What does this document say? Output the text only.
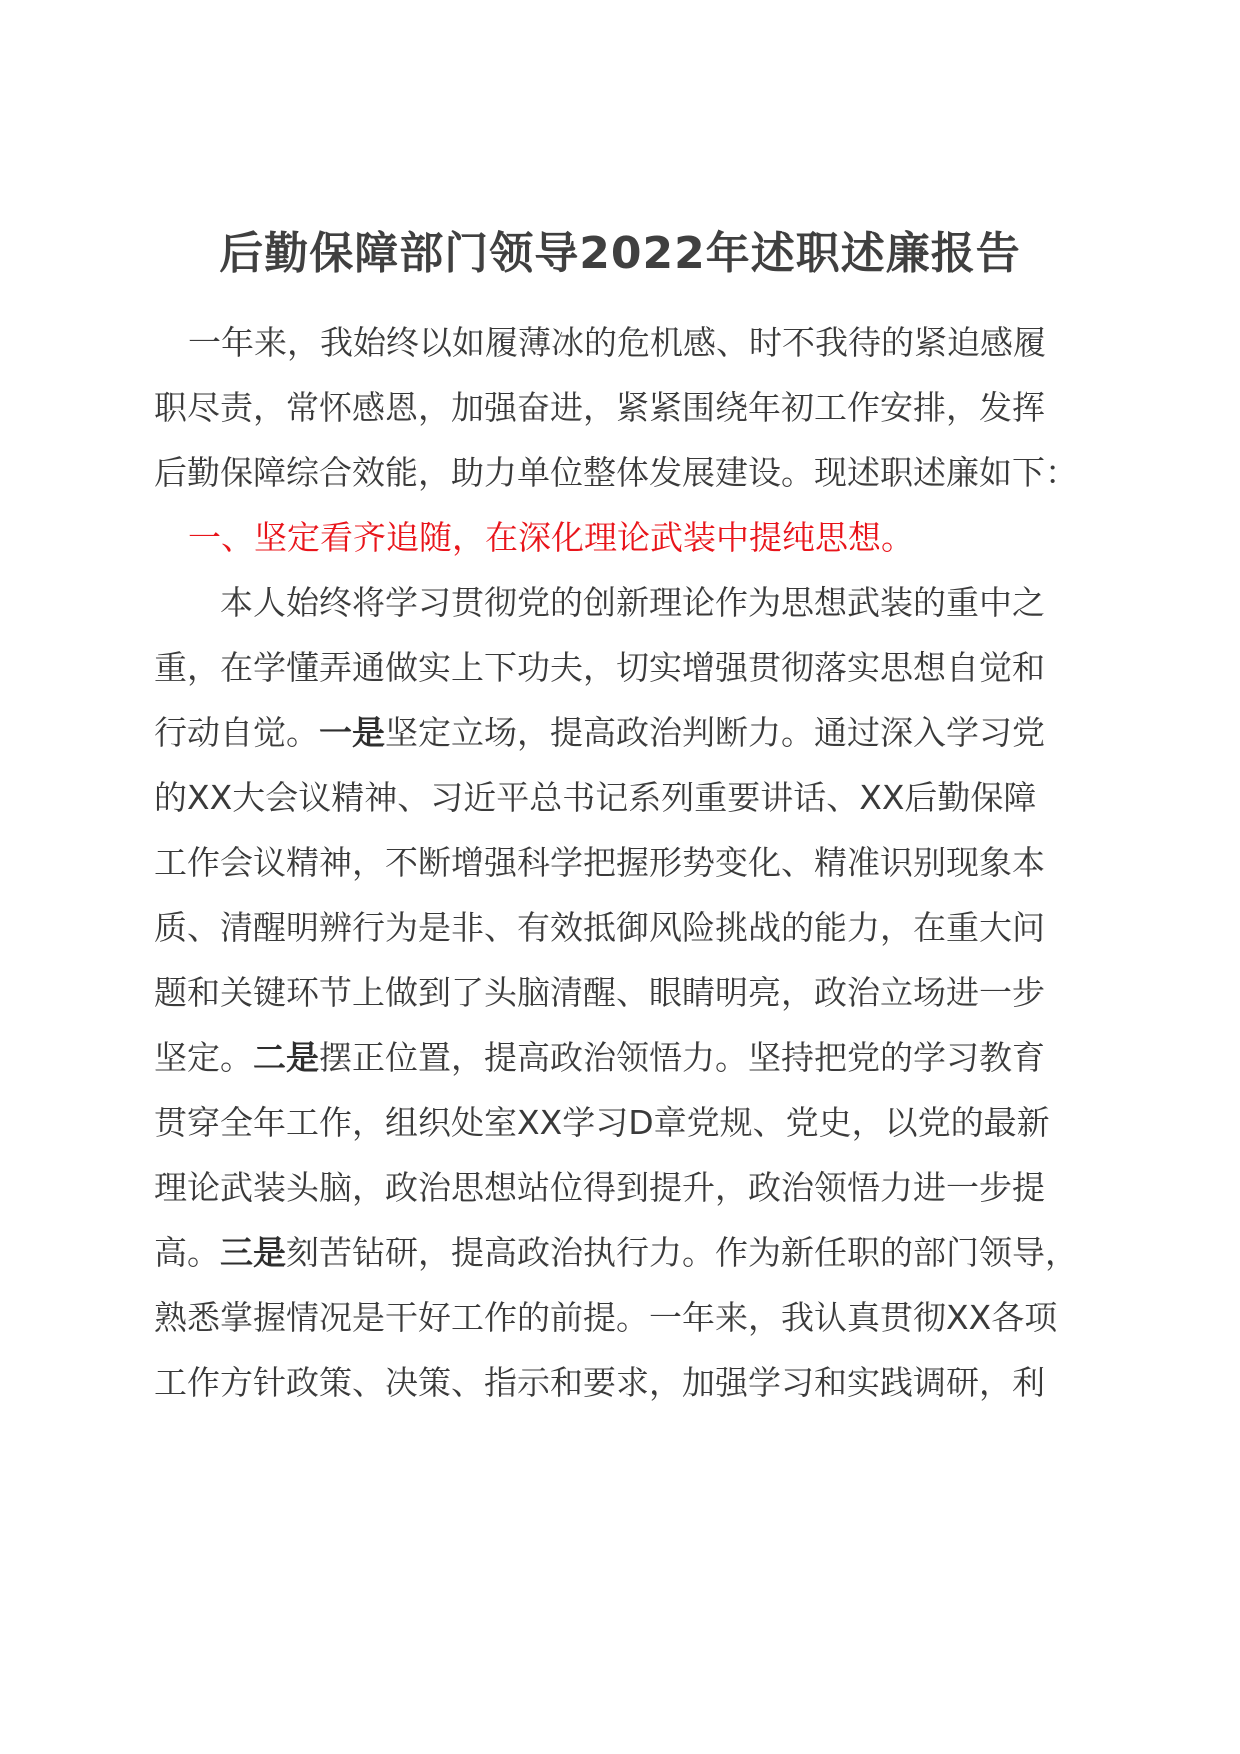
后勤保障部门领导2022年述职述廉报告
一年来，我始终以如履薄冰的危机感、时不我待的紧迫感履
职尽责，常怀感恩，加强奋进，紧紧围绕年初工作安排，发挥
后勤保障综合效能，助力单位整体发展建设。现述职述廉如下：
一、坚定看齐追随，在深化理论武装中提纯思想。
本人始终将学习贯彻党的创新理论作为思想武装的重中之
重，在学懂弄通做实上下功夫，切实增强贯彻落实思想自觉和
行动自觉。一是坚定立场，提高政治判断力。通过深入学习党
的XX大会议精神、习近平总书记系列重要讲话、XX后勤保障
工作会议精神，不断增强科学把握形势变化、精准识别现象本
质、清醒明辨行为是非、有效抵御风险挑战的能力，在重大问
题和关键环节上做到了头脑清醒、眼睛明亮，政治立场进一步
坚定。二是摆正位置，提高政治领悟力。坚持把党的学习教育
贯穿全年工作，组织处室XX学习D章党规、党史，以党的最新
理论武装头脑，政治思想站位得到提升，政治领悟力进一步提
高。三是刻苦钻研，提高政治执行力。作为新任职的部门领导，
熟悉掌握情况是干好工作的前提。一年来，我认真贯彻XX各项
工作方针政策、决策、指示和要求，加强学习和实践调研，利
